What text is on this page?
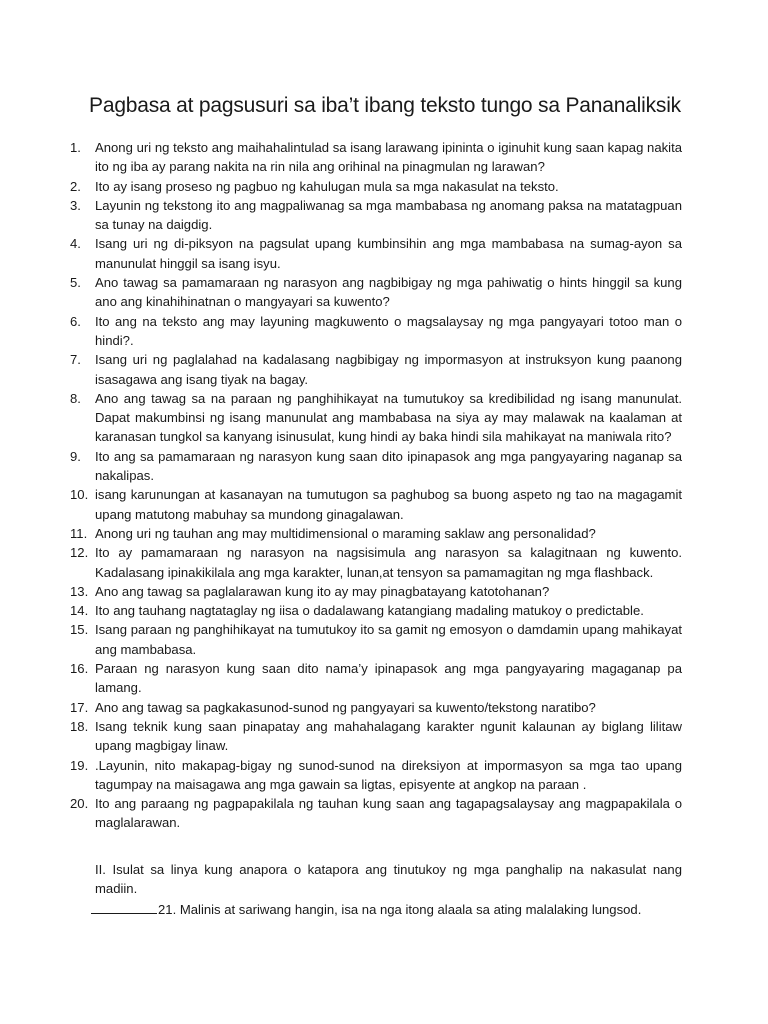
Pagbasa at pagsusuri sa iba’t ibang teksto tungo sa Pananaliksik
1.	Anong uri ng teksto ang maihahalintulad sa isang larawang ipininta o iginuhit kung saan kapag nakita ito ng iba ay parang nakita na rin nila ang orihinal na pinagmulan ng larawan?
2.	Ito ay isang proseso ng pagbuo ng kahulugan mula sa mga nakasulat na teksto.
3.	Layunin ng tekstong ito ang magpaliwanag sa mga mambabasa ng anomang paksa na matatagpuan sa tunay na daigdig.
4.	Isang uri ng di-piksyon na pagsulat upang kumbinsihin ang mga mambabasa na sumag-ayon sa manunulat hinggil sa isang isyu.
5.	Ano tawag sa pamamaraan ng narasyon ang nagbibigay ng mga pahiwatig o hints hinggil sa kung ano ang kinahihinatnan o mangyayari sa kuwento?
6.	Ito ang na teksto ang may layuning magkuwento o magsalaysay ng mga pangyayari totoo man o hindi?.
7.	Isang uri ng paglalahad na kadalasang nagbibigay ng impormasyon at instruksyon kung paanong isasagawa ang isang tiyak na bagay.
8.	Ano ang tawag sa na paraan ng panghihikayat na tumutukoy sa kredibilidad ng isang manunulat. Dapat makumbinsi ng isang manunulat ang mambabasa na siya ay may malawak na kaalaman at karanasan tungkol sa kanyang isinusulat, kung hindi ay baka hindi sila mahikayat na maniwala rito?
9.	Ito ang sa pamamaraan ng narasyon kung saan dito ipinapasok ang mga pangyayaring naganap sa nakalipas.
10. isang karunungan at kasanayan na tumutugon sa paghubog sa buong aspeto ng tao na magagamit upang matutong mabuhay sa mundong ginagalawan.
11. Anong uri ng tauhan ang may multidimensional o maraming saklaw ang personalidad?
12. Ito ay pamamaraan ng narasyon na nagsisimula ang narasyon sa kalagitnaan ng kuwento. Kadalasang ipinakikilala ang mga karakter, lunan,at tensyon sa pamamagitan ng mga flashback.
13. Ano ang tawag sa paglalarawan kung ito ay may pinagbatayang katotohanan?
14. Ito ang tauhang nagtataglay ng iisa o dadalawang katangiang madaling matukoy o predictable.
15. Isang paraan ng panghihikayat na tumutukoy ito sa gamit ng emosyon o damdamin upang mahikayat ang mambabasa.
16. Paraan ng narasyon kung saan dito nama’y ipinapasok ang mga pangyayaring magaganap pa lamang.
17. Ano ang tawag sa pagkakasunod-sunod ng pangyayari sa kuwento/tekstong naratibo?
18. Isang teknik kung saan pinapatay ang mahahalagang karakter ngunit kalaunan ay biglang lilitaw upang magbigay linaw.
19. .Layunin, nito makapag-bigay ng sunod-sunod na direksiyon at impormasyon sa mga tao upang tagumpay na maisagawa ang mga gawain sa ligtas, episyente at angkop na paraan .
20. Ito ang paraang ng pagpapakilala ng tauhan kung saan ang tagapagsalaysay ang magpapakilala o maglalarawan.
II. Isulat sa linya kung anapora o katapora ang tinutukoy ng mga panghalip na nakasulat nang madiin.
21. Malinis at sariwang hangin, isa na nga itong alaala sa ating malalaking lungsod.
